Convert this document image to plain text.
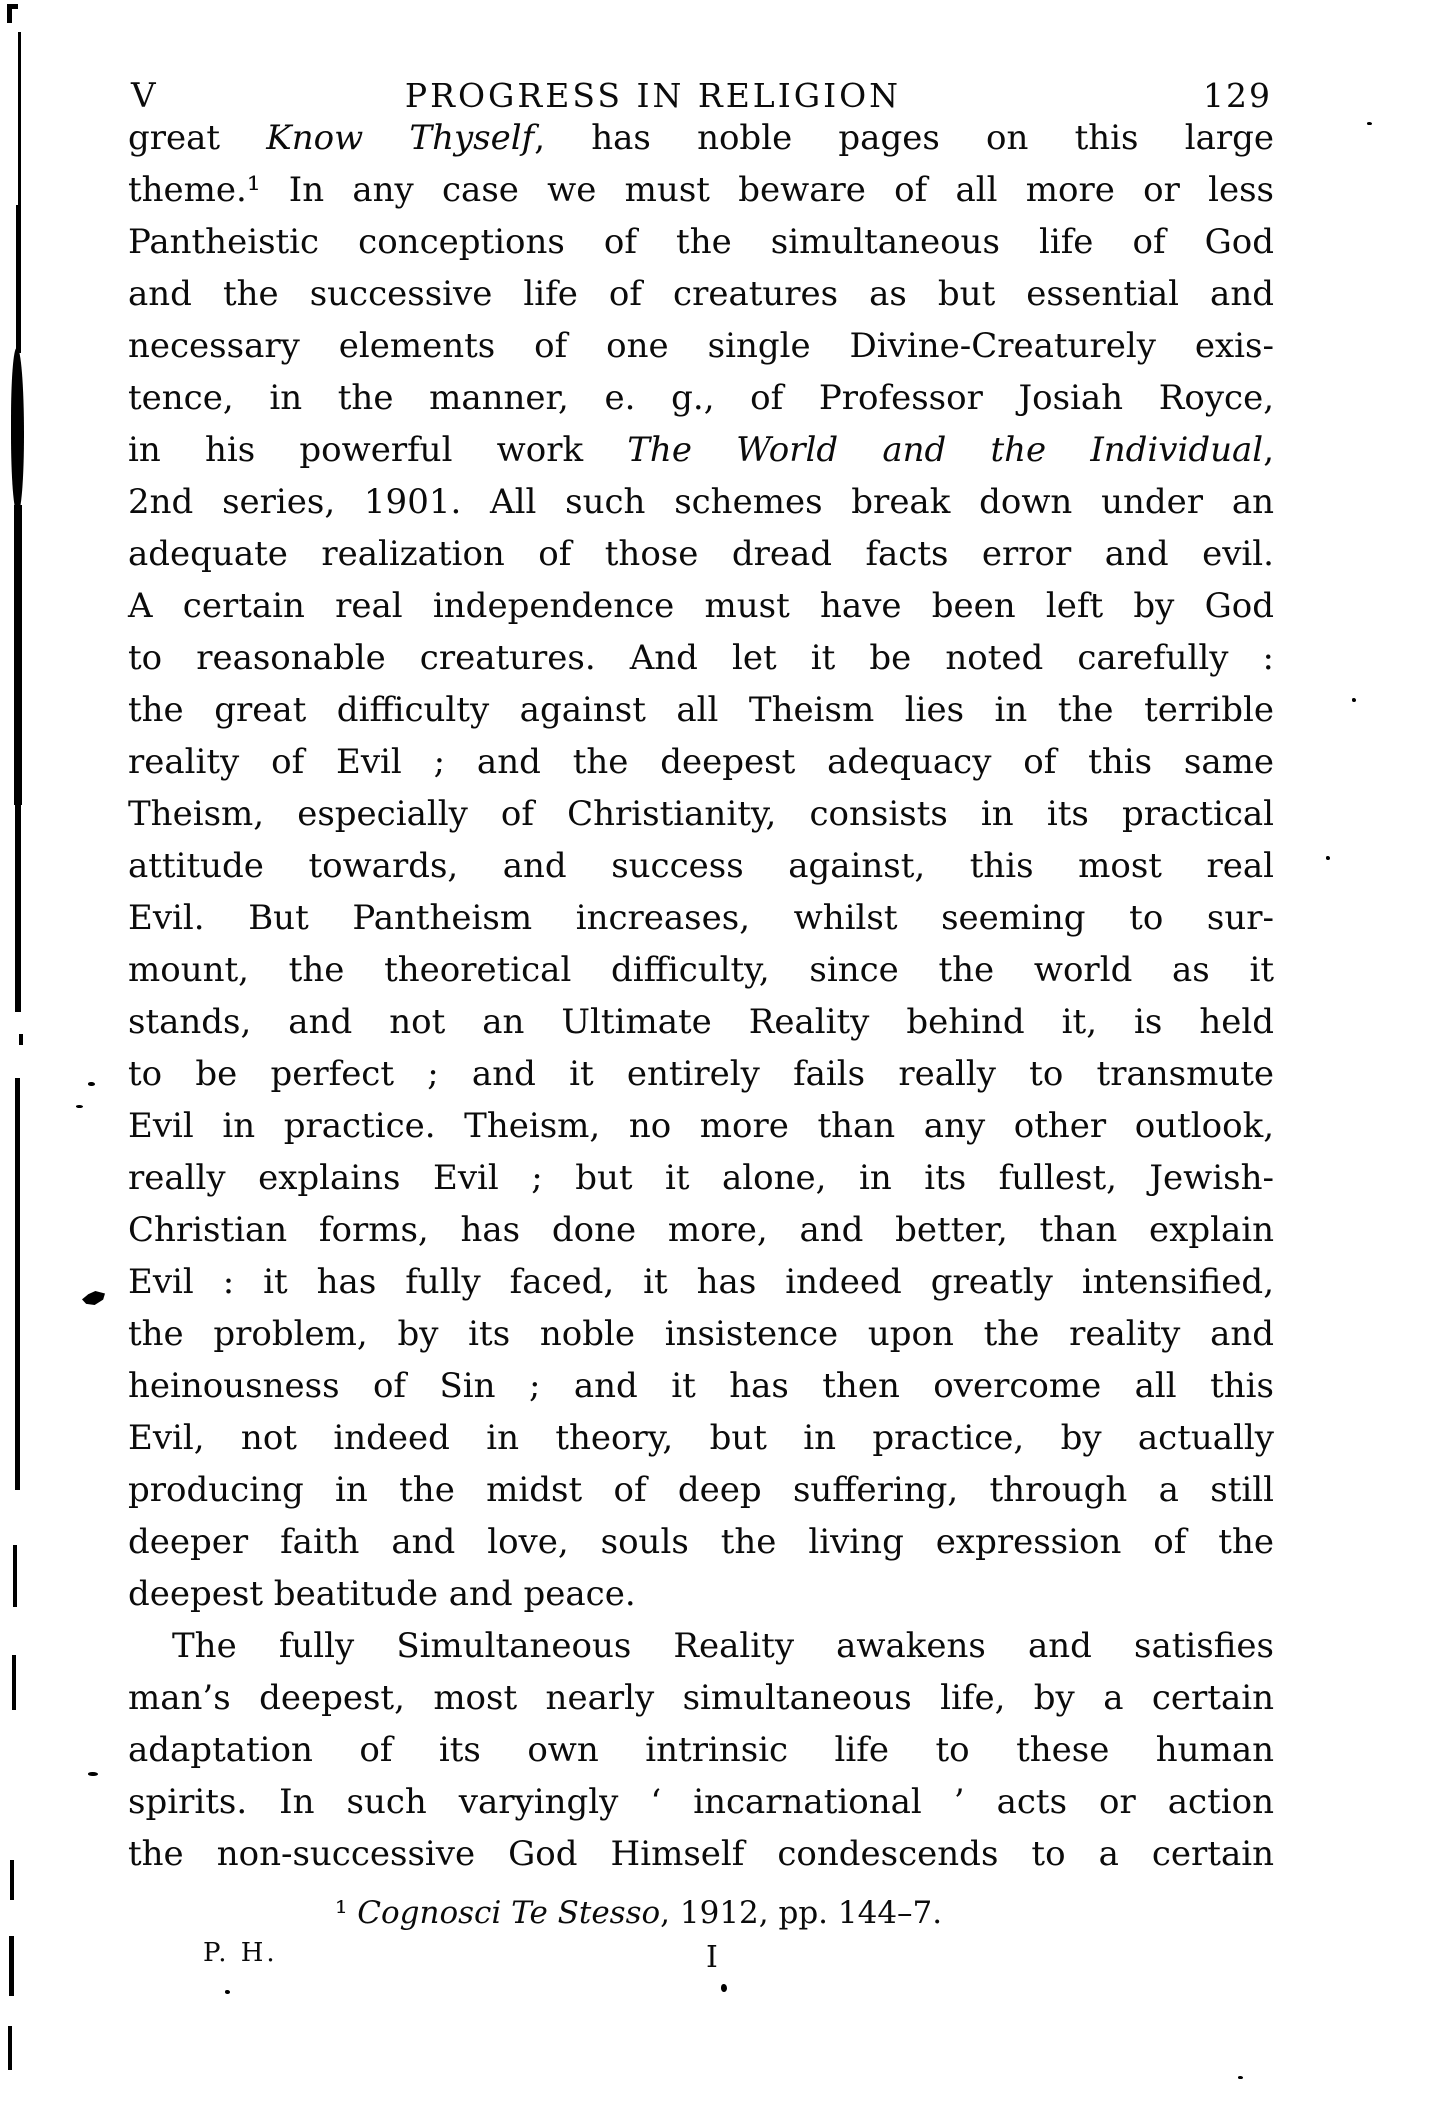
V	PROGRESS IN RELIGION	129
great Know Thyself, has noble pages on this large
theme.¹ In any case we must beware of all more or less
Pantheistic conceptions of the simultaneous life of God
and the successive life of creatures as but essential and
necessary elements of one single Divine-Creaturely exis-
tence, in the manner, e. g., of Professor Josiah Royce,
in his powerful work The World and the Individual,
2nd series, 1901. All such schemes break down under an
adequate realization of those dread facts error and evil.
A certain real independence must have been left by God
to reasonable creatures. And let it be noted carefully :
the great difficulty against all Theism lies in the terrible
reality of Evil ; and the deepest adequacy of this same
Theism, especially of Christianity, consists in its practical
attitude towards, and success against, this most real
Evil. But Pantheism increases, whilst seeming to sur-
mount, the theoretical difficulty, since the world as it
stands, and not an Ultimate Reality behind it, is held
to be perfect ; and it entirely fails really to transmute
Evil in practice. Theism, no more than any other outlook,
really explains Evil ; but it alone, in its fullest, Jewish-
Christian forms, has done more, and better, than explain
Evil : it has fully faced, it has indeed greatly intensified,
the problem, by its noble insistence upon the reality and
heinousness of Sin ; and it has then overcome all this
Evil, not indeed in theory, but in practice, by actually
producing in the midst of deep suffering, through a still
deeper faith and love, souls the living expression of the
deepest beatitude and peace.
The fully Simultaneous Reality awakens and satisfies
man’s deepest, most nearly simultaneous life, by a certain
adaptation of its own intrinsic life to these human
spirits. In such varyingly ‘ incarnational ’ acts or action
the non-successive God Himself condescends to a certain
¹ Cognosci Te Stesso, 1912, pp. 144–7.
P. H.	I
